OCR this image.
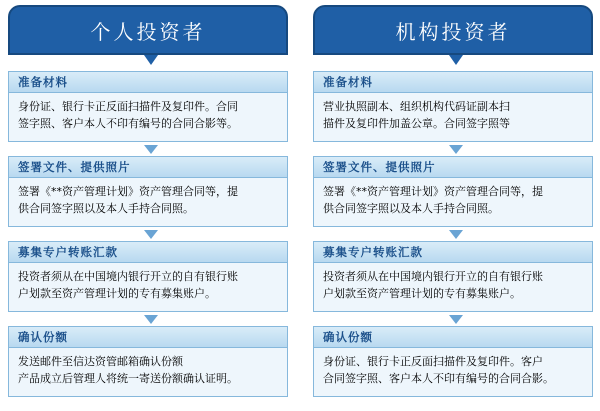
个人投资者
准备材料
身份证、银行卡正反面扫描件及复印件。合同
签字照、客户本人不印有编号的合同合影等。
签署文件、提供照片
签署《**资产管理计划》资产管理合同等，提
供合同签字照以及本人手持合同照。
募集专户转账汇款
投资者须从在中国境内银行开立的自有银行账
户划款至资产管理计划的专有募集账户。
确认份额
发送邮件至信达资管邮箱确认份额
产品成立后管理人将统一寄送份额确认证明。
机构投资者
准备材料
营业执照副本、组织机构代码证副本扫
描件及复印件加盖公章。合同签字照等
签署文件、提供照片
签署《**资产管理计划》资产管理合同等，提
供合同签字照以及本人手持合同照。
募集专户转账汇款
投资者须从在中国境内银行开立的自有银行账
户划款至资产管理计划的专有募集账户。
确认份额
身份证、银行卡正反面扫描件及复印件。客户
合同签字照、客户本人不印有编号的合同合影。
